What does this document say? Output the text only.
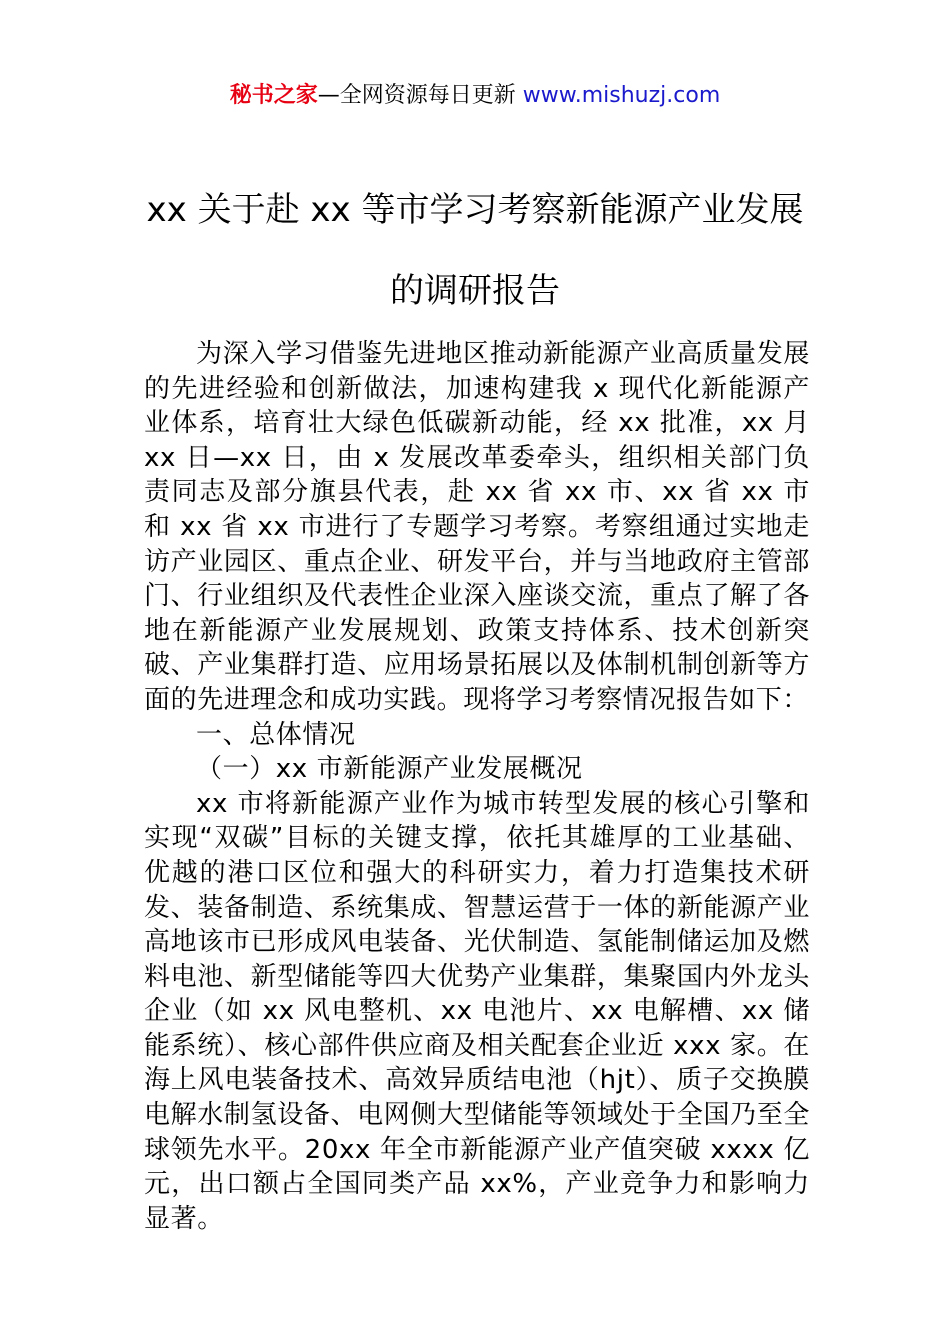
秘书之家—全网资源每日更新 www.mishuzj.com
xx 关于赴 xx 等市学习考察新能源产业发展
的调研报告

为深入学习借鉴先进地区推动新能源产业高质量发展的先进经验和创新做法，加速构建我 x 现代化新能源产业体系，培育壮大绿色低碳新动能，经 xx 批准，xx 月 xx 日—xx 日，由 x 发展改革委牵头，组织相关部门负责同志及部分旗县代表，赴 xx 省 xx 市、xx 省 xx 市和 xx 省 xx 市进行了专题学习考察。考察组通过实地走访产业园区、重点企业、研发平台，并与当地政府主管部门、行业组织及代表性企业深入座谈交流，重点了解了各地在新能源产业发展规划、政策支持体系、技术创新突破、产业集群打造、应用场景拓展以及体制机制创新等方面的先进理念和成功实践。现将学习考察情况报告如下：

一、总体情况

（一）xx 市新能源产业发展概况

xx 市将新能源产业作为城市转型发展的核心引擎和实现“双碳”目标的关键支撑，依托其雄厚的工业基础、优越的港口区位和强大的科研实力，着力打造集技术研发、装备制造、系统集成、智慧运营于一体的新能源产业高地该市已形成风电装备、光伏制造、氢能制储运加及燃料电池、新型储能等四大优势产业集群，集聚国内外龙头企业（如 xx 风电整机、xx 电池片、xx 电解槽、xx 储能系统）、核心部件供应商及相关配套企业近 xxx 家。在海上风电装备技术、高效异质结电池（hjt）、质子交换膜电解水制氢设备、电网侧大型储能等领域处于全国乃至全球领先水平。20xx 年全市新能源产业产值突破 xxxx 亿元，出口额占全国同类产品 xx%，产业竞争力和影响力显著。
